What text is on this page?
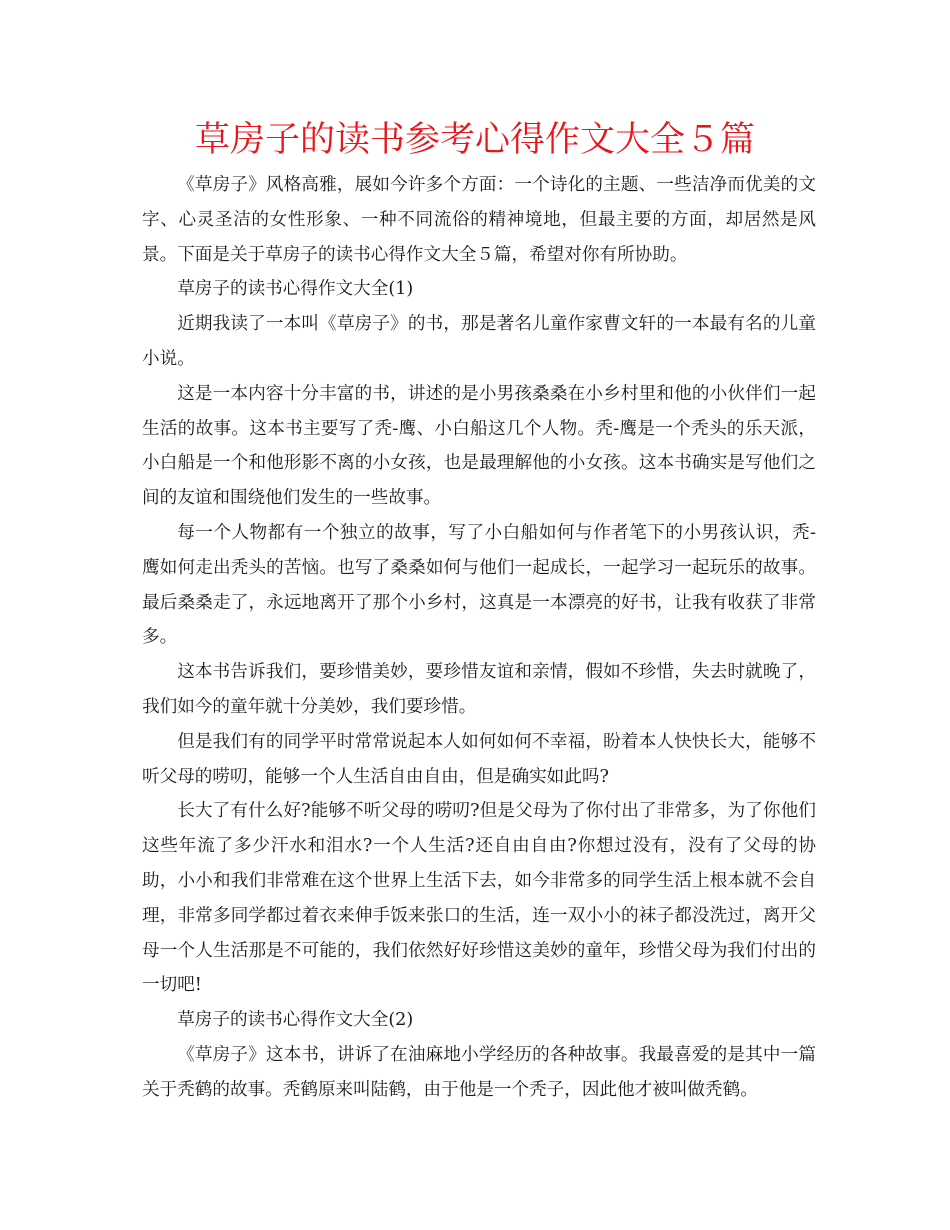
草房子的读书参考心得作文大全５篇

《草房子》风格高雅，展如今许多个方面：一个诗化的主题、一些洁净而优美的文字、心灵圣洁的女性形象、一种不同流俗的精神境地，但最主要的方面，却居然是风景。下面是关于草房子的读书心得作文大全５篇，希望对你有所协助。

草房子的读书心得作文大全(1)

近期我读了一本叫《草房子》的书，那是著名儿童作家曹文轩的一本最有名的儿童小说。

这是一本内容十分丰富的书，讲述的是小男孩桑桑在小乡村里和他的小伙伴们一起生活的故事。这本书主要写了秃-鹰、小白船这几个人物。秃-鹰是一个秃头的乐天派，小白船是一个和他形影不离的小女孩，也是最理解他的小女孩。这本书确实是写他们之间的友谊和围绕他们发生的一些故事。

每一个人物都有一个独立的故事，写了小白船如何与作者笔下的小男孩认识，秃-鹰如何走出秃头的苦恼。也写了桑桑如何与他们一起成长，一起学习一起玩乐的故事。最后桑桑走了，永远地离开了那个小乡村，这真是一本漂亮的好书，让我有收获了非常多。

这本书告诉我们，要珍惜美妙，要珍惜友谊和亲情，假如不珍惜，失去时就晚了，我们如今的童年就十分美妙，我们要珍惜。

但是我们有的同学平时常常说起本人如何如何不幸福，盼着本人快快长大，能够不听父母的唠叨，能够一个人生活自由自由，但是确实如此吗?

长大了有什么好?能够不听父母的唠叨?但是父母为了你付出了非常多，为了你他们这些年流了多少汗水和泪水?一个人生活?还自由自由?你想过没有，没有了父母的协助，小小和我们非常难在这个世界上生活下去，如今非常多的同学生活上根本就不会自理，非常多同学都过着衣来伸手饭来张口的生活，连一双小小的袜子都没洗过，离开父母一个人生活那是不可能的，我们依然好好珍惜这美妙的童年，珍惜父母为我们付出的一切吧!

草房子的读书心得作文大全(2)

《草房子》这本书，讲诉了在油麻地小学经历的各种故事。我最喜爱的是其中一篇关于秃鹤的故事。秃鹤原来叫陆鹤，由于他是一个秃子，因此他才被叫做秃鹤。
